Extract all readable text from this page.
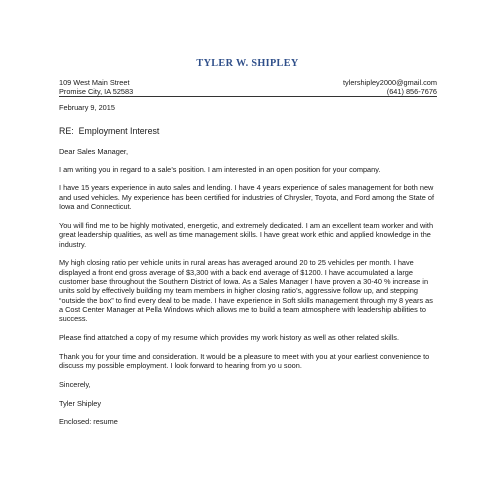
TYLER W. SHIPLEY
109 West Main Street	tylershipley2000@gmail.com
Promise City, IA 52583	(641) 856-7676
February 9, 2015
RE: Employment Interest
Dear Sales Manager,

I am writing you in regard to a sale’s position. I am interested in an open position for your company.

I have 15 years experience in auto sales and lending. I have 4 years experience of sales management for both new and used vehicles. My experience has been certified for industries of Chrysler, Toyota, and Ford among the State of Iowa and Connecticut.

You will find me to be highly motivated, energetic, and extremely dedicated. I am an excellent team worker and with great leadership qualities, as well as time management skills. I have great work ethic and applied knowledge in the industry.

My high closing ratio per vehicle units in rural areas has averaged around 20 to 25 vehicles per month. I have displayed a front end gross average of $3,300 with a back end average of $1200. I have accumulated a large customer base throughout the Southern District of Iowa. As a Sales Manager I have proven a 30-40 % increase in units sold by effectively building my team members in higher closing ratio’s, aggressive follow up, and stepping “outside the box” to find every deal to be made. I have experience in Soft skills management through my 8 years as a Cost Center Manager at Pella Windows which allows me to build a team atmosphere with leadership abilities to success.

Please find attatched a copy of my resume which provides my work history as well as other related skills.

Thank you for your time and consideration. It would be a pleasure to meet with you at your earliest convenience to discuss my possible employment. I look forward to hearing from yo u soon.

Sincerely,
Tyler Shipley
Enclosed: resume
